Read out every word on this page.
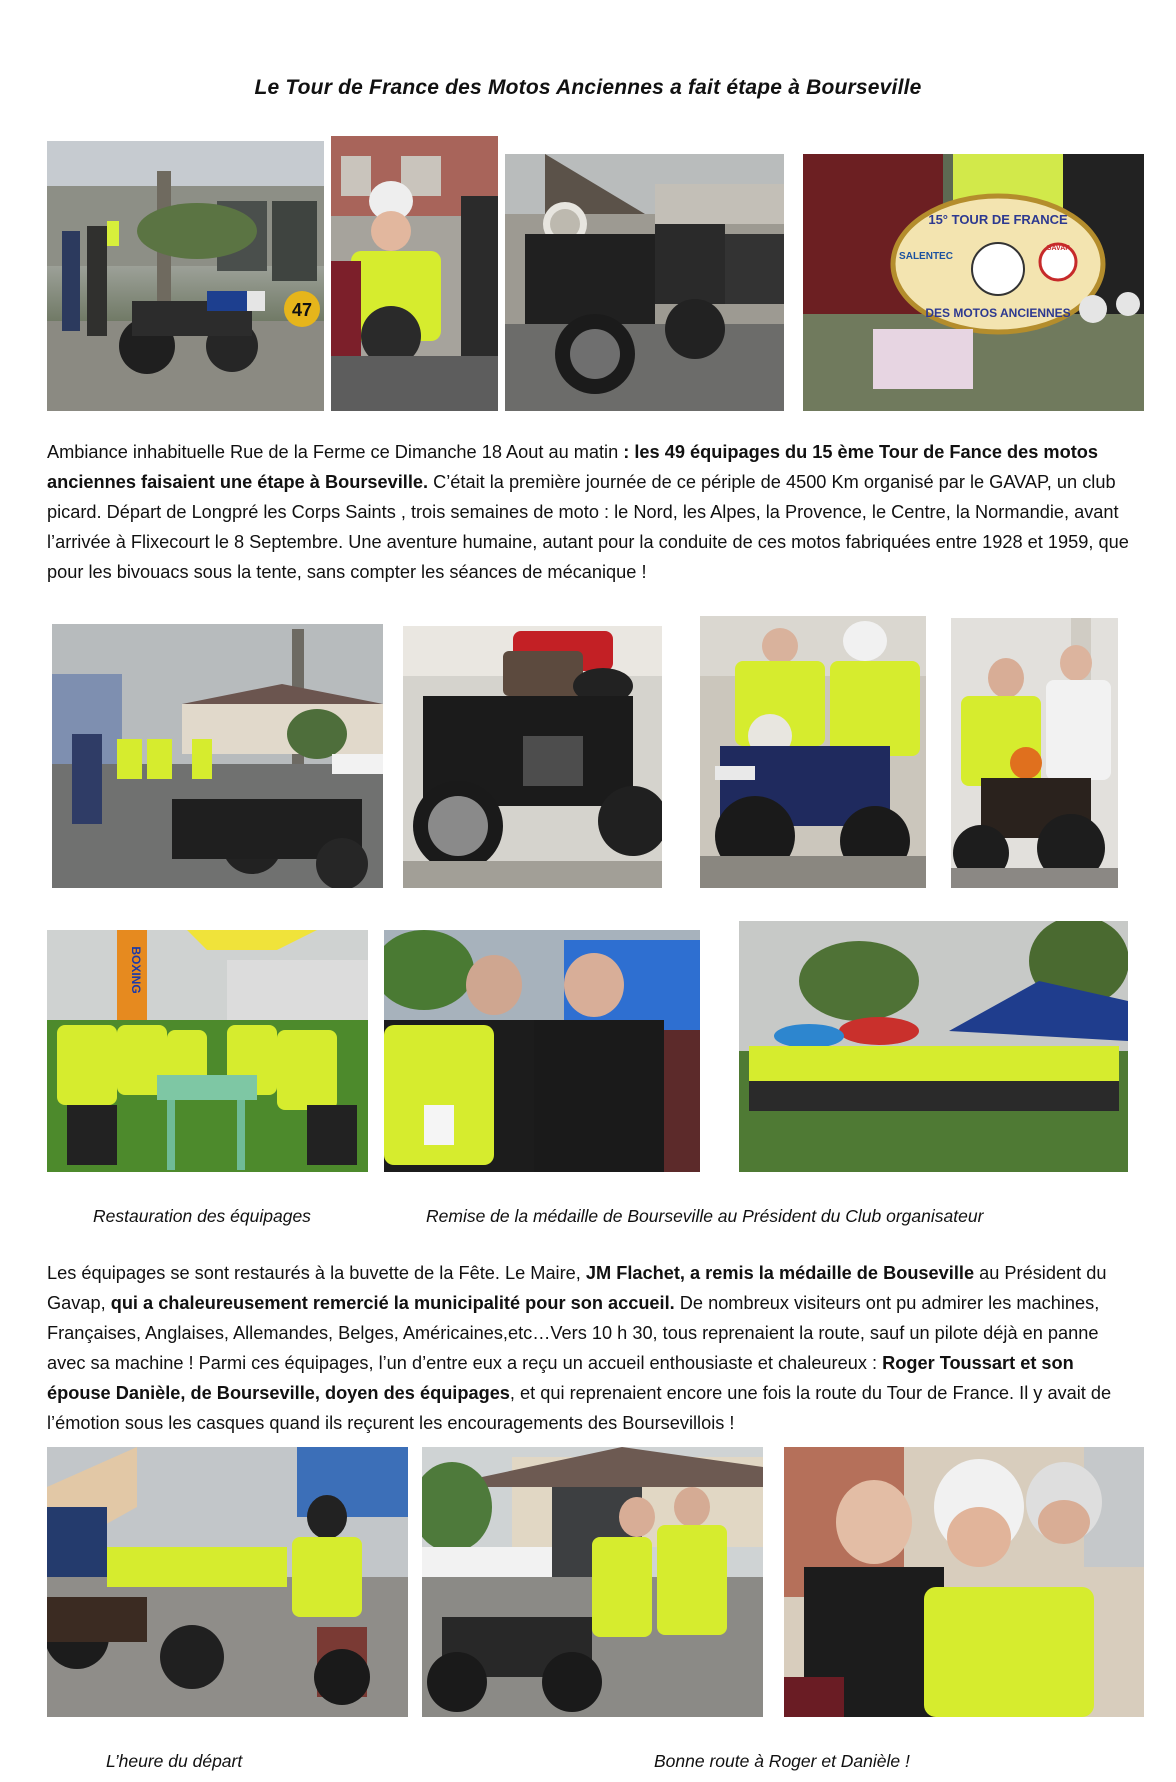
Le Tour de France des Motos Anciennes a fait étape à Bourseville
47
15° TOUR DE FRANCE
SALENTEC
GAVAP
DES MOTOS ANCIENNES

Ambiance inhabituelle Rue de la Ferme ce Dimanche 18 Aout au matin : les 49 équipages du 15 ème Tour de Fance des motos anciennes faisaient une étape à Bourseville. C’était la première journée de ce périple de 4500 Km organisé par le GAVAP, un club picard. Départ de Longpré les Corps Saints , trois semaines de moto : le Nord, les Alpes, la Provence, le Centre, la Normandie, avant l’arrivée à Flixecourt le 8 Septembre. Une aventure humaine, autant pour la conduite de ces motos fabriquées entre 1928 et 1959, que pour les bivouacs sous la tente, sans compter les séances de mécanique !

BOXING
Restauration des équipages	Remise de la médaille de Bourseville au Président du Club organisateur

Les équipages se sont restaurés à la buvette de la Fête. Le Maire, JM Flachet, a remis la médaille de Bouseville au Président du Gavap, qui a chaleureusement remercié la municipalité pour son accueil. De nombreux visiteurs ont pu admirer les machines, Françaises, Anglaises, Allemandes, Belges, Américaines,etc…Vers 10 h 30, tous reprenaient la route, sauf un pilote déjà en panne avec sa machine ! Parmi ces équipages, l’un d’entre eux a reçu un accueil enthousiaste et chaleureux : Roger Toussart et son épouse Danièle, de Bourseville, doyen des équipages, et qui reprenaient encore une fois la route du Tour de France. Il y avait de l’émotion sous les casques quand ils reçurent les encouragements des Boursevillois !

L’heure du départ	Bonne route à Roger et Danièle !
